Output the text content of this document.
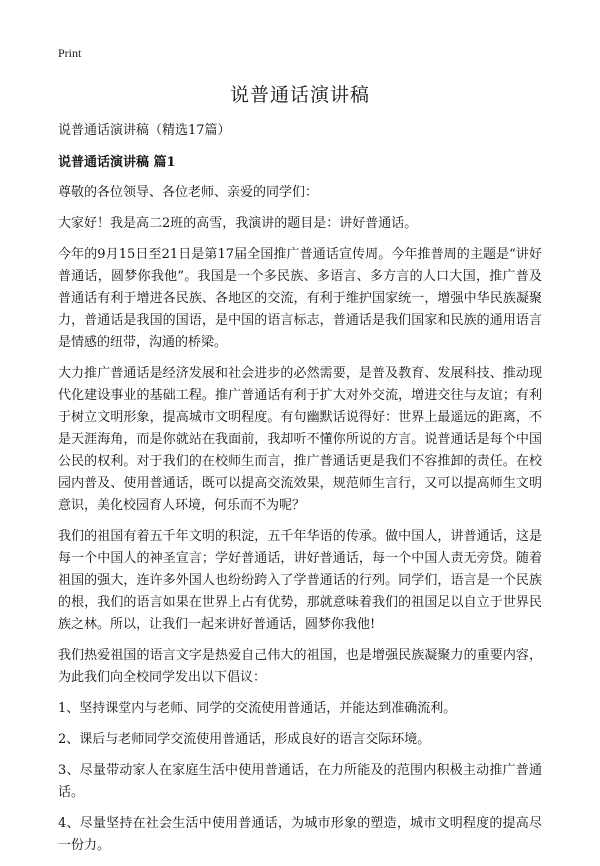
Print
说普通话演讲稿

说普通话演讲稿（精选17篇）

说普通话演讲稿 篇1

尊敬的各位领导、各位老师、亲爱的同学们：

大家好！我是高二2班的高雪，我演讲的题目是：讲好普通话。

今年的9月15日至21日是第17届全国推广普通话宣传周。今年推普周的主题是“讲好普通话，圆梦你我他”。我国是一个多民族、多语言、多方言的人口大国，推广普及普通话有利于增进各民族、各地区的交流，有利于维护国家统一，增强中华民族凝聚力，普通话是我国的国语，是中国的语言标志，普通话是我们国家和民族的通用语言是情感的纽带，沟通的桥梁。

大力推广普通话是经济发展和社会进步的必然需要，是普及教育、发展科技、推动现代化建设事业的基础工程。推广普通话有利于扩大对外交流，增进交往与友谊；有利于树立文明形象，提高城市文明程度。有句幽默话说得好：世界上最遥远的距离，不是天涯海角，而是你就站在我面前，我却听不懂你所说的方言。说普通话是每个中国公民的权利。对于我们的在校师生而言，推广普通话更是我们不容推卸的责任。在校园内普及、使用普通话，既可以提高交流效果，规范师生言行，又可以提高师生文明意识，美化校园育人环境，何乐而不为呢？

我们的祖国有着五千年文明的积淀，五千年华语的传承。做中国人，讲普通话，这是每一个中国人的神圣宣言；学好普通话，讲好普通话，每一个中国人责无旁贷。随着祖国的强大，连许多外国人也纷纷跨入了学普通话的行列。同学们，语言是一个民族的根，我们的语言如果在世界上占有优势，那就意味着我们的祖国足以自立于世界民族之林。所以，让我们一起来讲好普通话，圆梦你我他!

我们热爱祖国的语言文字是热爱自己伟大的祖国，也是增强民族凝聚力的重要内容，为此我们向全校同学发出以下倡议：

1、坚持课堂内与老师、同学的交流使用普通话，并能达到准确流利。

2、课后与老师同学交流使用普通话，形成良好的语言交际环境。

3、尽量带动家人在家庭生活中使用普通话，在力所能及的范围内积极主动推广普通话。

4、尽量坚持在社会生活中使用普通话，为城市形象的塑造，城市文明程度的提高尽一份力。
